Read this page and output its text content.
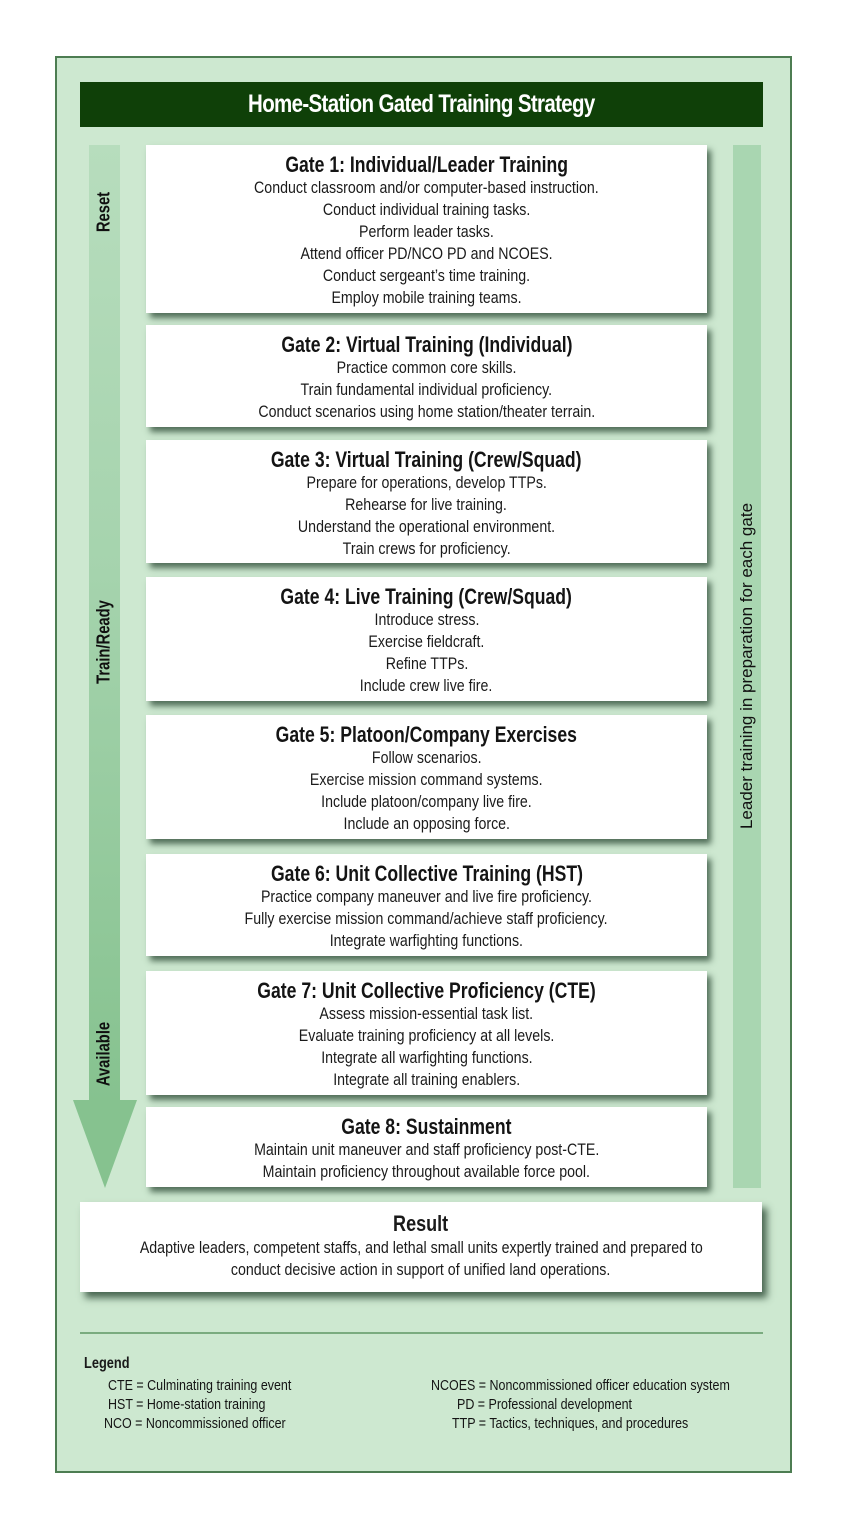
Home-Station Gated Training Strategy
Reset
Train/Ready
Available
Leader training in preparation for each gate
Gate 1: Individual/Leader Training
Conduct classroom and/or computer-based instruction.
Conduct individual training tasks.
Perform leader tasks.
Attend officer PD/NCO PD and NCOES.
Conduct sergeant’s time training.
Employ mobile training teams.
Gate 2: Virtual Training (Individual)
Practice common core skills.
Train fundamental individual proficiency.
Conduct scenarios using home station/theater terrain.
Gate 3: Virtual Training (Crew/Squad)
Prepare for operations, develop TTPs.
Rehearse for live training.
Understand the operational environment.
Train crews for proficiency.
Gate 4: Live Training (Crew/Squad)
Introduce stress.
Exercise fieldcraft.
Refine TTPs.
Include crew live fire.
Gate 5: Platoon/Company Exercises
Follow scenarios.
Exercise mission command systems.
Include platoon/company live fire.
Include an opposing force.
Gate 6: Unit Collective Training (HST)
Practice company maneuver and live fire proficiency.
Fully exercise mission command/achieve staff proficiency.
Integrate warfighting functions.
Gate 7: Unit Collective Proficiency (CTE)
Assess mission-essential task list.
Evaluate training proficiency at all levels.
Integrate all warfighting functions.
Integrate all training enablers.
Gate 8: Sustainment
Maintain unit maneuver and staff proficiency post-CTE.
Maintain proficiency throughout available force pool.
Result
Adaptive leaders, competent staffs, and lethal small units expertly trained and prepared to
conduct decisive action in support of unified land operations.
Legend
CTE = Culminating training event
HST = Home-station training
NCO = Noncommissioned officer
NCOES = Noncommissioned officer education system
PD = Professional development
TTP = Tactics, techniques, and procedures
